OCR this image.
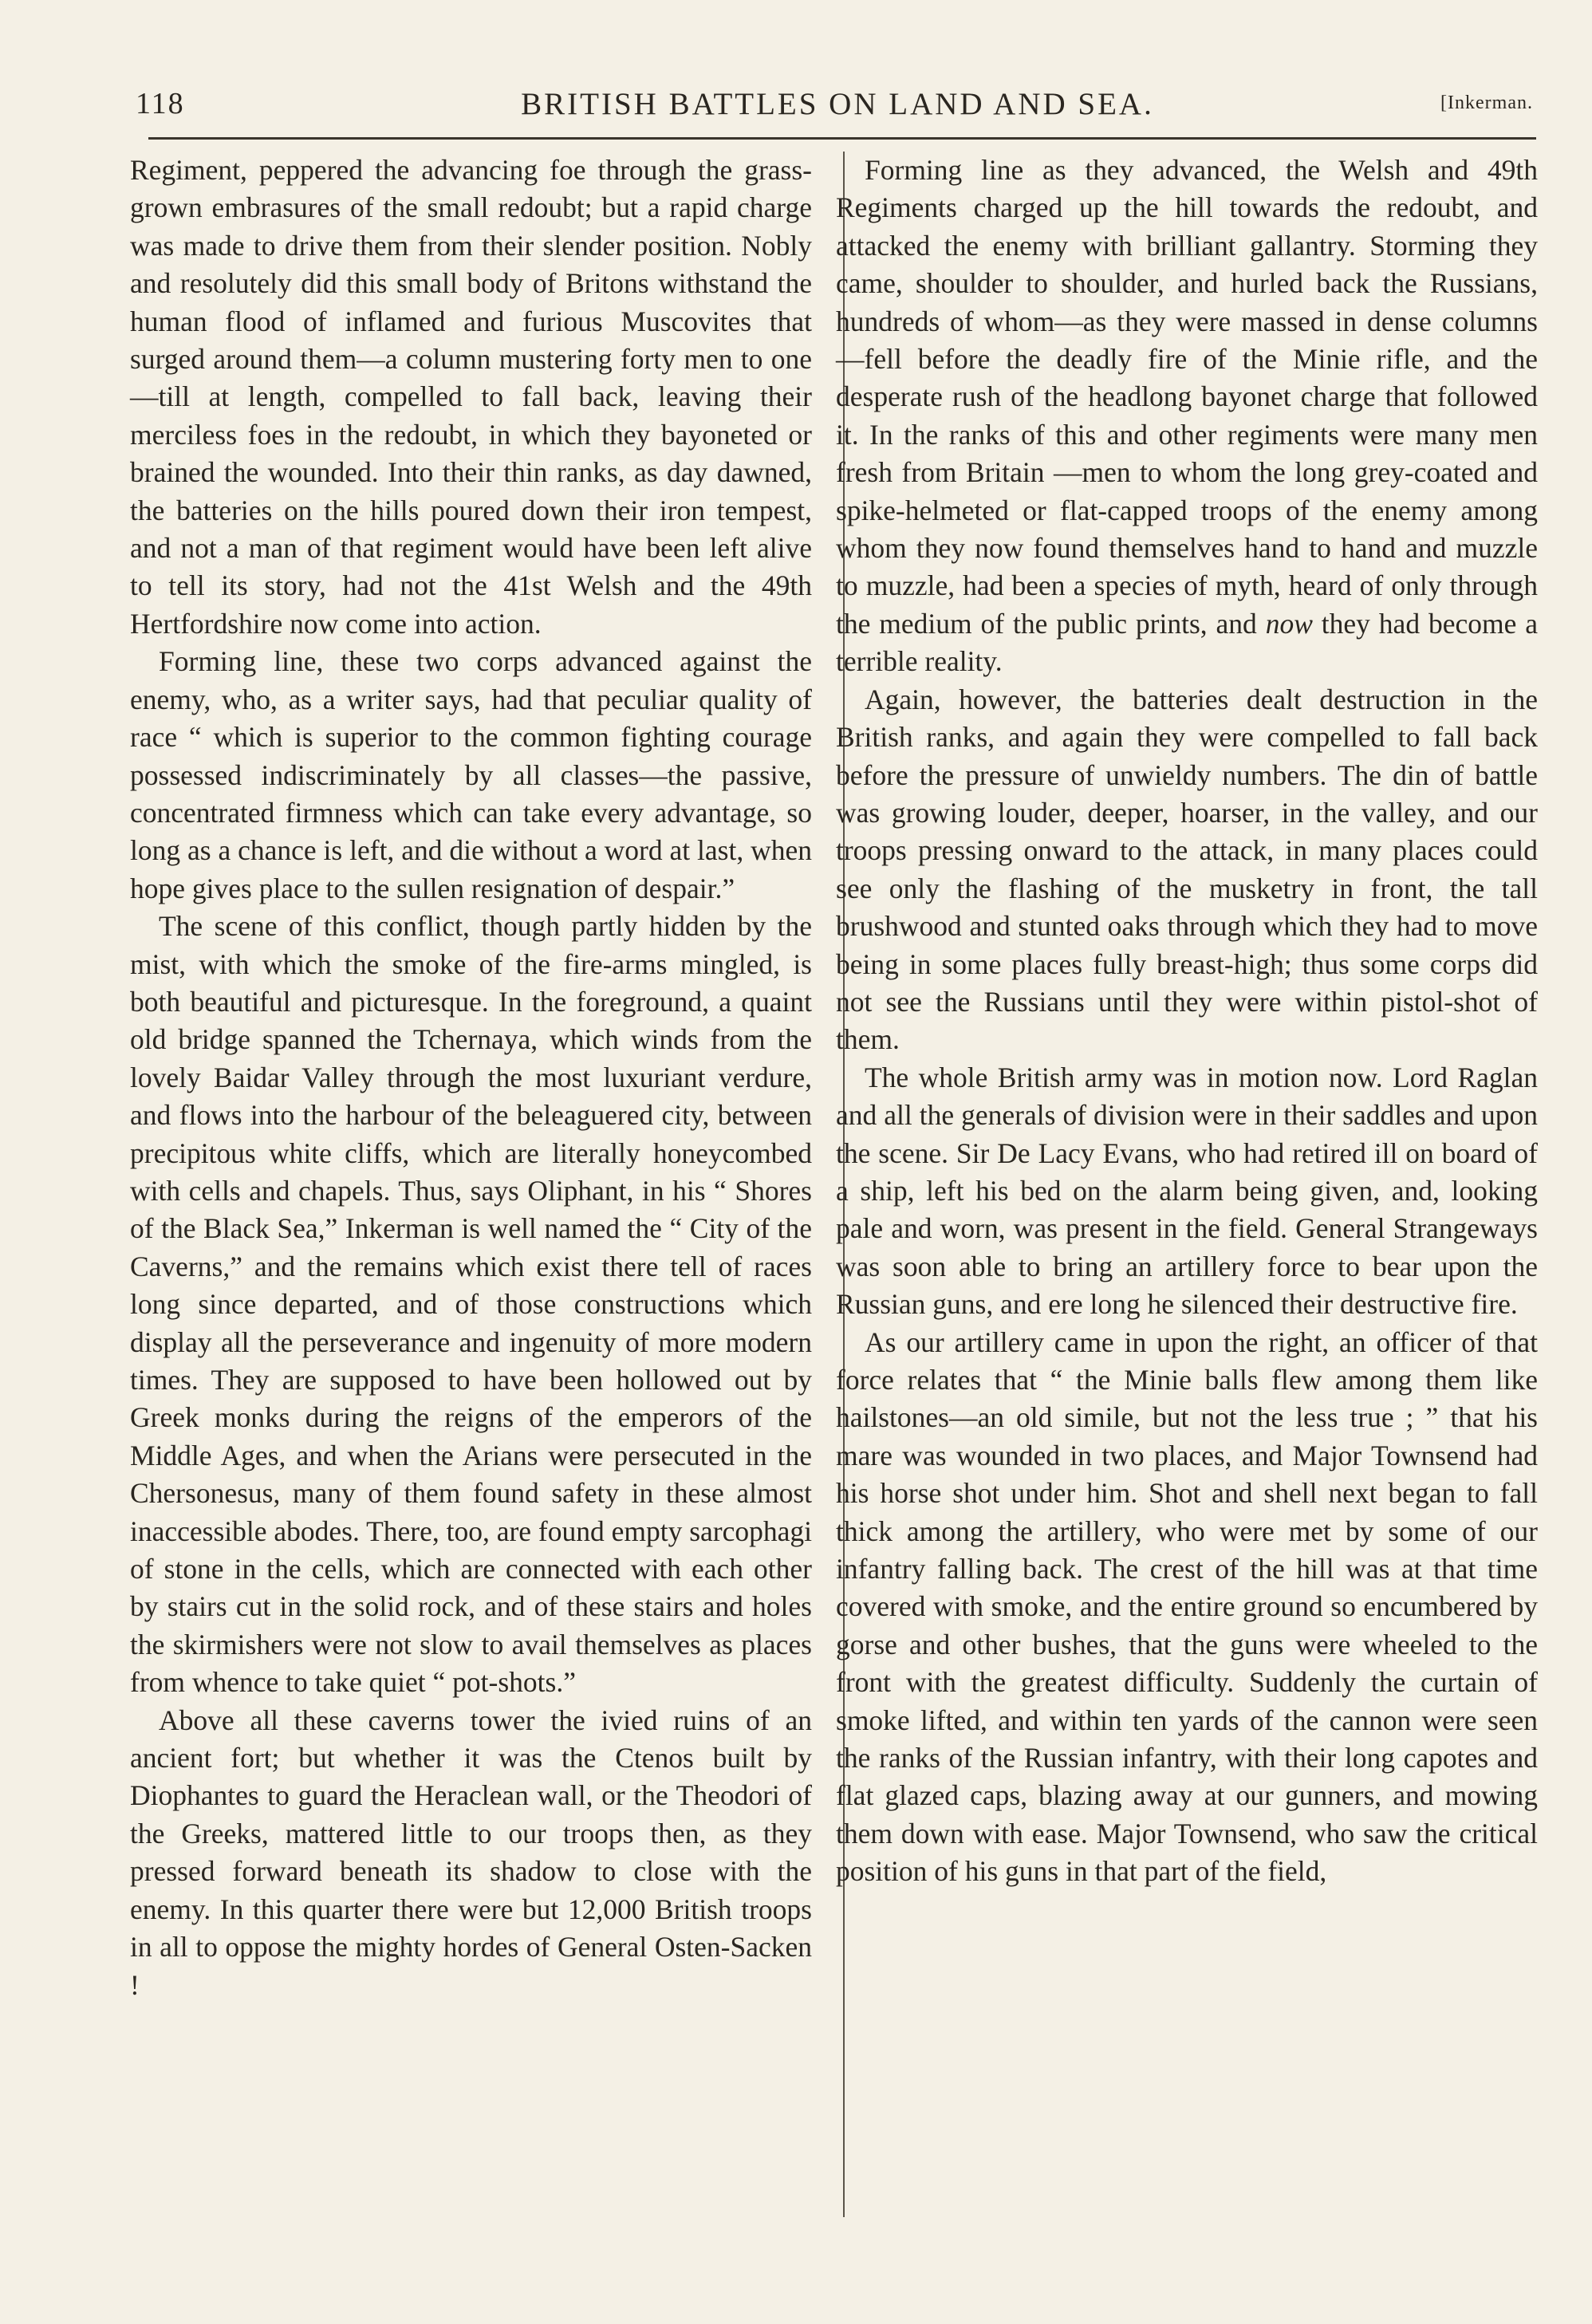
118	BRITISH BATTLES ON LAND AND SEA.	[Inkerman.

Regiment, peppered the advancing foe through the grass-grown embrasures of the small redoubt; but a rapid charge was made to drive them from their slender position. Nobly and resolutely did this small body of Britons withstand the human flood of inflamed and furious Muscovites that surged around them—a column mustering forty men to one—till at length, compelled to fall back, leaving their merciless foes in the redoubt, in which they bayoneted or brained the wounded. Into their thin ranks, as day dawned, the batteries on the hills poured down their iron tempest, and not a man of that regiment would have been left alive to tell its story, had not the 41st Welsh and the 49th Hertfordshire now come into action.

Forming line, these two corps advanced against the enemy, who, as a writer says, had that peculiar quality of race “ which is superior to the common fighting courage possessed indiscriminately by all classes—the passive, concentrated firmness which can take every advantage, so long as a chance is left, and die without a word at last, when hope gives place to the sullen resignation of despair.”

The scene of this conflict, though partly hidden by the mist, with which the smoke of the fire-arms mingled, is both beautiful and picturesque. In the foreground, a quaint old bridge spanned the Tchernaya, which winds from the lovely Baidar Valley through the most luxuriant verdure, and flows into the harbour of the beleaguered city, between precipitous white cliffs, which are literally honeycombed with cells and chapels. Thus, says Oliphant, in his “ Shores of the Black Sea,” Inkerman is well named the “ City of the Caverns,” and the remains which exist there tell of races long since departed, and of those constructions which display all the perseverance and ingenuity of more modern times. They are supposed to have been hollowed out by Greek monks during the reigns of the emperors of the Middle Ages, and when the Arians were persecuted in the Chersonesus, many of them found safety in these almost inaccessible abodes. There, too, are found empty sarcophagi of stone in the cells, which are connected with each other by stairs cut in the solid rock, and of these stairs and holes the skirmishers were not slow to avail themselves as places from whence to take quiet “ pot-shots.”

Above all these caverns tower the ivied ruins of an ancient fort; but whether it was the Ctenos built by Diophantes to guard the Heraclean wall, or the Theodori of the Greeks, mattered little to our troops then, as they pressed forward beneath its shadow to close with the enemy. In this quarter there were but 12,000 British troops in all to oppose the mighty hordes of General Osten-Sacken !

Forming line as they advanced, the Welsh and 49th Regiments charged up the hill towards the redoubt, and attacked the enemy with brilliant gallantry. Storming they came, shoulder to shoulder, and hurled back the Russians, hundreds of whom—as they were massed in dense columns—fell before the deadly fire of the Minie rifle, and the desperate rush of the headlong bayonet charge that followed it. In the ranks of this and other regiments were many men fresh from Britain —men to whom the long grey-coated and spike-helmeted or flat-capped troops of the enemy among whom they now found themselves hand to hand and muzzle to muzzle, had been a species of myth, heard of only through the medium of the public prints, and now they had become a terrible reality.

Again, however, the batteries dealt destruction in the British ranks, and again they were compelled to fall back before the pressure of unwieldy numbers. The din of battle was growing louder, deeper, hoarser, in the valley, and our troops pressing onward to the attack, in many places could see only the flashing of the musketry in front, the tall brushwood and stunted oaks through which they had to move being in some places fully breast-high; thus some corps did not see the Russians until they were within pistol-shot of them.

The whole British army was in motion now. Lord Raglan and all the generals of division were in their saddles and upon the scene. Sir De Lacy Evans, who had retired ill on board of a ship, left his bed on the alarm being given, and, looking pale and worn, was present in the field. General Strangeways was soon able to bring an artillery force to bear upon the Russian guns, and ere long he silenced their destructive fire.

As our artillery came in upon the right, an officer of that force relates that “ the Minie balls flew among them like hailstones—an old simile, but not the less true ; ” that his mare was wounded in two places, and Major Townsend had his horse shot under him. Shot and shell next began to fall thick among the artillery, who were met by some of our infantry falling back. The crest of the hill was at that time covered with smoke, and the entire ground so encumbered by gorse and other bushes, that the guns were wheeled to the front with the greatest difficulty. Suddenly the curtain of smoke lifted, and within ten yards of the cannon were seen the ranks of the Russian infantry, with their long capotes and flat glazed caps, blazing away at our gunners, and mowing them down with ease. Major Townsend, who saw the critical position of his guns in that part of the field,
